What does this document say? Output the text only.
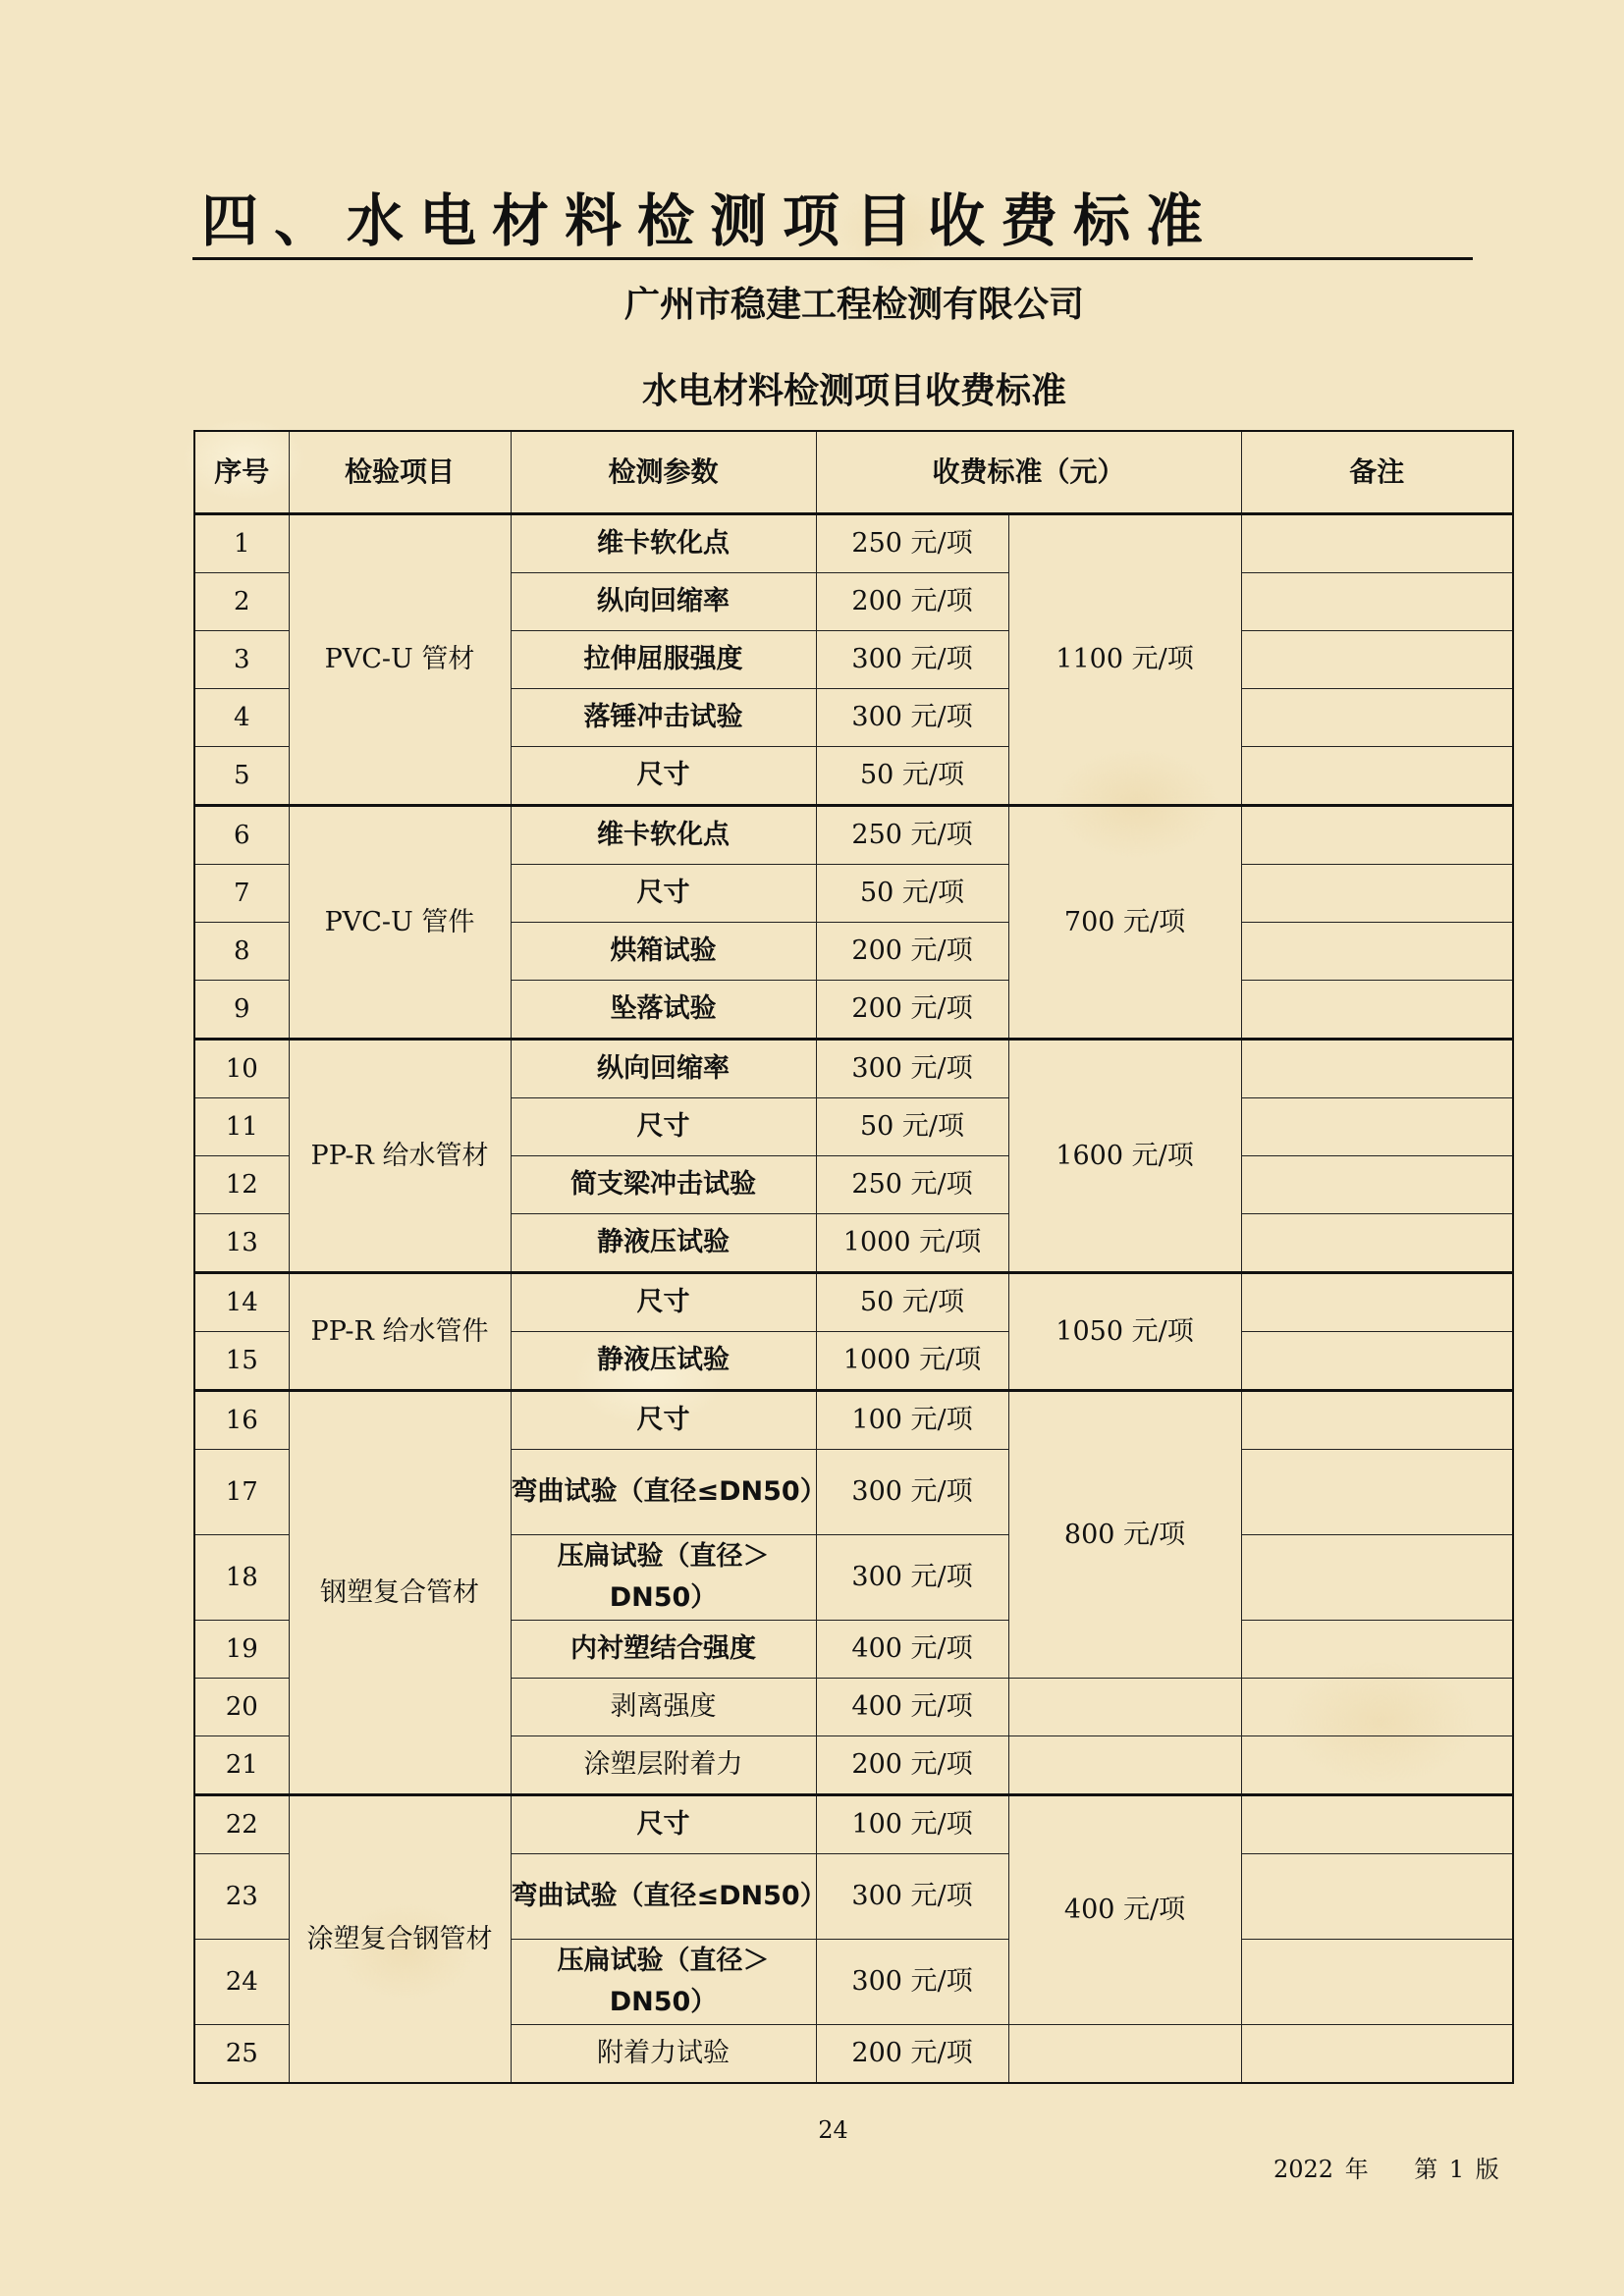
四、水电材料检测项目收费标准
广州市稳建工程检测有限公司
水电材料检测项目收费标准
序号	检验项目	检测参数	收费标准（元）		备注
1	PVC-U 管材	维卡软化点	250 元/项	1100 元/项	
2		纵向回缩率	200 元/项		
3		拉伸屈服强度	300 元/项		
4		落锤冲击试验	300 元/项		
5		尺寸	50 元/项		
6	PVC-U 管件	维卡软化点	250 元/项	700 元/项	
7		尺寸	50 元/项		
8		烘箱试验	200 元/项		
9		坠落试验	200 元/项		
10	PP-R 给水管材	纵向回缩率	300 元/项	1600 元/项	
11		尺寸	50 元/项		
12		简支梁冲击试验	250 元/项		
13		静液压试验	1000 元/项		
14	PP-R 给水管件	尺寸	50 元/项	1050 元/项	
15		静液压试验	1000 元/项		
16	钢塑复合管材	尺寸	100 元/项	800 元/项	
17		弯曲试验（直径≤DN50）	300 元/项		
18		压扁试验（直径＞DN50）	300 元/项		
19		内衬塑结合强度	400 元/项		
20		剥离强度	400 元/项		
21		涂塑层附着力	200 元/项		
22	涂塑复合钢管材	尺寸	100 元/项	400 元/项	
23		弯曲试验（直径≤DN50）	300 元/项		
24		压扁试验（直径＞DN50）	300 元/项		
25		附着力试验	200 元/项		
24
2022 年 第 1 版
